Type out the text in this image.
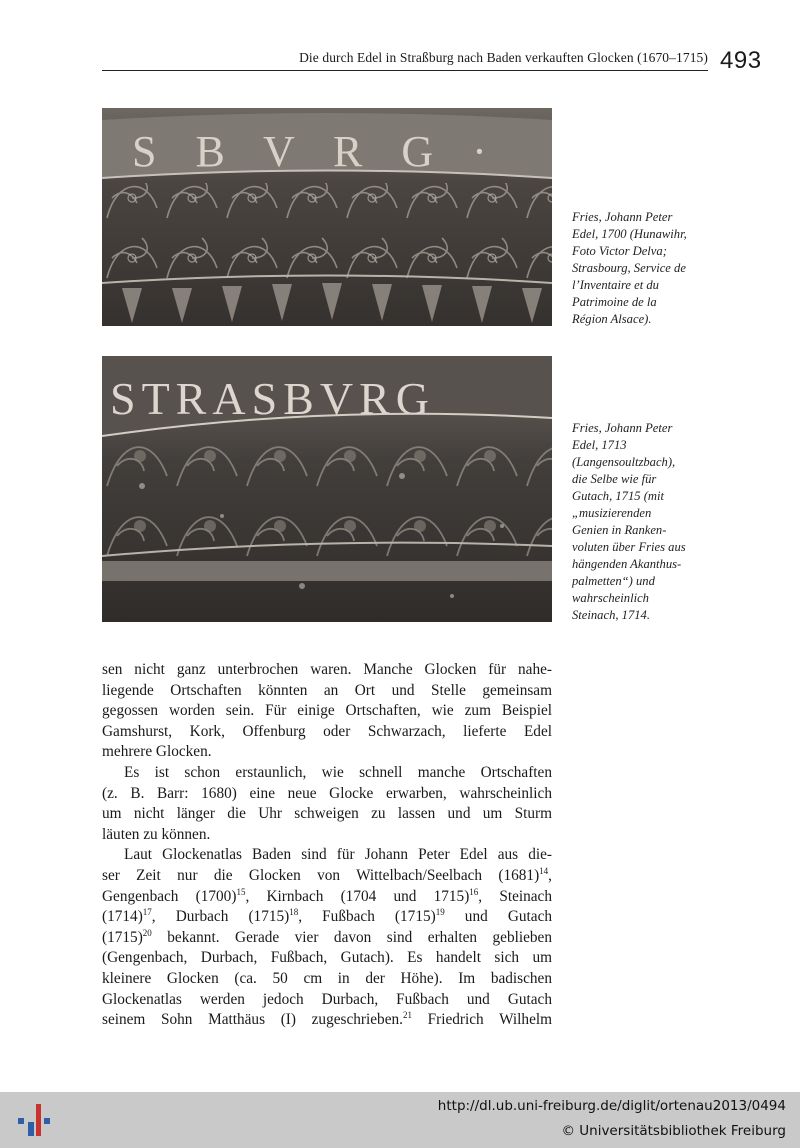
Die durch Edel in Straßburg nach Baden verkauften Glocken (1670–1715) 493
S B V R G ·
Fries, Johann Peter
Edel, 1700 (Hunawihr,
Foto Victor Delva;
Strasbourg, Service de
l’Inventaire et du
Patrimoine de la
Région Alsace).
STRASBVRG
Fries, Johann Peter
Edel, 1713
(Langensoultzbach),
die Selbe wie für
Gutach, 1715 (mit
„musizierenden
Genien in Ranken-
voluten über Fries aus
hängenden Akanthus-
palmetten“) und
wahrscheinlich
Steinach, 1714.

sen nicht ganz unterbrochen waren. Manche Glocken für nahe-
liegende Ortschaften könnten an Ort und Stelle gemeinsam
gegossen worden sein. Für einige Ortschaften, wie zum Beispiel
Gamshurst, Kork, Offenburg oder Schwarzach, lieferte Edel
mehrere Glocken.

Es ist schon erstaunlich, wie schnell manche Ortschaften
(z. B. Barr: 1680) eine neue Glocke erwarben, wahrscheinlich
um nicht länger die Uhr schweigen zu lassen und um Sturm
läuten zu können.

Laut Glockenatlas Baden sind für Johann Peter Edel aus die-
ser Zeit nur die Glocken von Wittelbach/Seelbach $(1681)^{14}$,
Gengenbach $(1700)^{15}$, Kirnbach (1704 und 1715)$^{16}$, Steinach
$(1714)^{17}$, Durbach $(1715)^{18}$, Fußbach $(1715)^{19}$ und Gutach
$(1715)^{20}$ bekannt. Gerade vier davon sind erhalten geblieben
(Gengenbach, Durbach, Fußbach, Gutach). Es handelt sich um
kleinere Glocken (ca. 50 cm in der Höhe). Im badischen
Glockenatlas werden jedoch Durbach, Fußbach und Gutach
seinem Sohn Matthäus (I) zugeschrieben.$^{21}$ Friedrich Wilhelm

http://dl.ub.uni-freiburg.de/diglit/ortenau2013/0494
© Universitätsbibliothek Freiburg
